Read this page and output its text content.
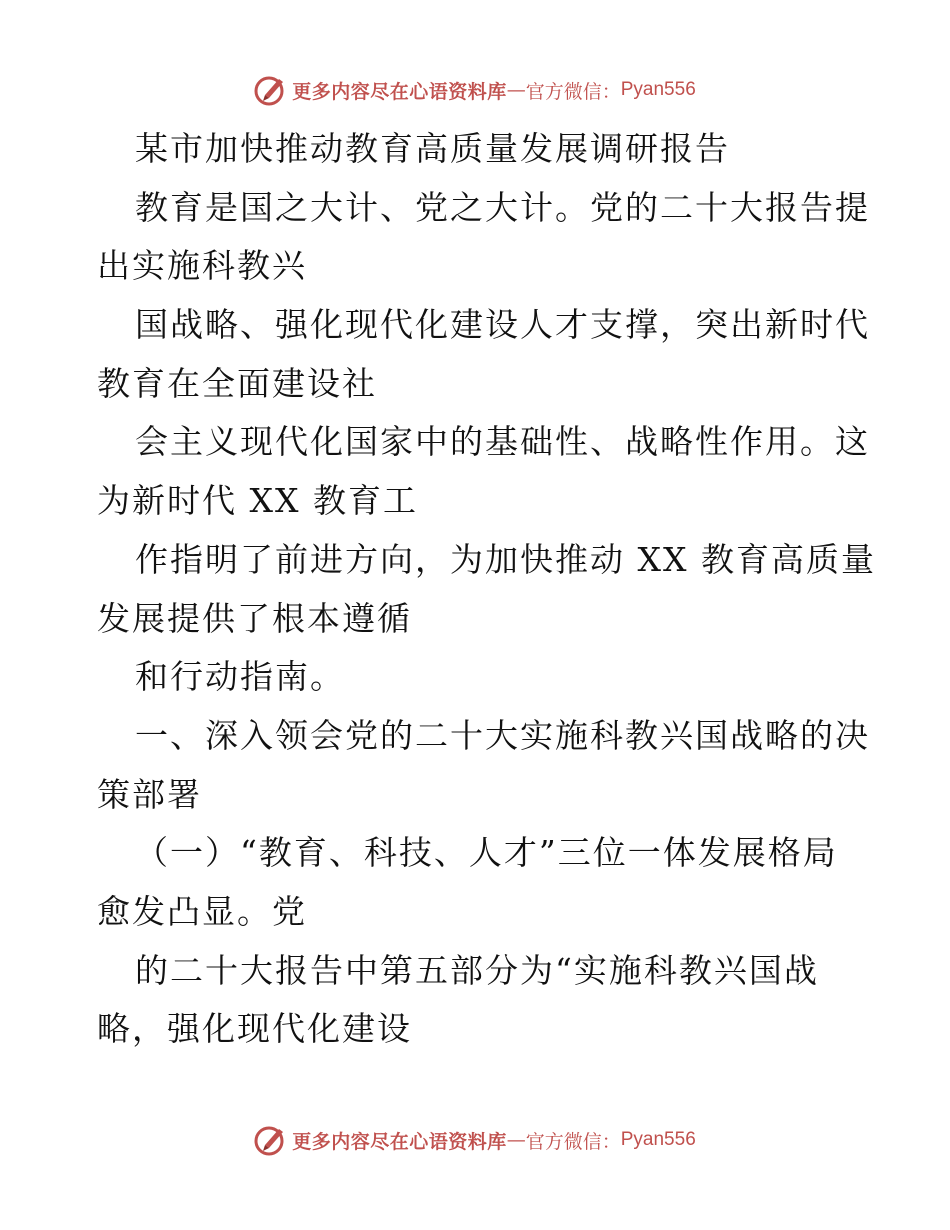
更多内容尽在心语资料库 — 官方微信： Pyan556
某市加快推动教育高质量发展调研报告
教育是国之大计、党之大计。党的二十大报告提
出实施科教兴
国战略、强化现代化建设人才支撑，突出新时代
教育在全面建设社
会主义现代化国家中的基础性、战略性作用。这
为新时代 XX 教育工
作指明了前进方向，为加快推动 XX 教育高质量
发展提供了根本遵循
和行动指南。
一、深入领会党的二十大实施科教兴国战略的决
策部署
（一）“教育、科技、人才”三位一体发展格局
愈发凸显。党
的二十大报告中第五部分为“实施科教兴国战
略，强化现代化建设
更多内容尽在心语资料库 — 官方微信： Pyan556
